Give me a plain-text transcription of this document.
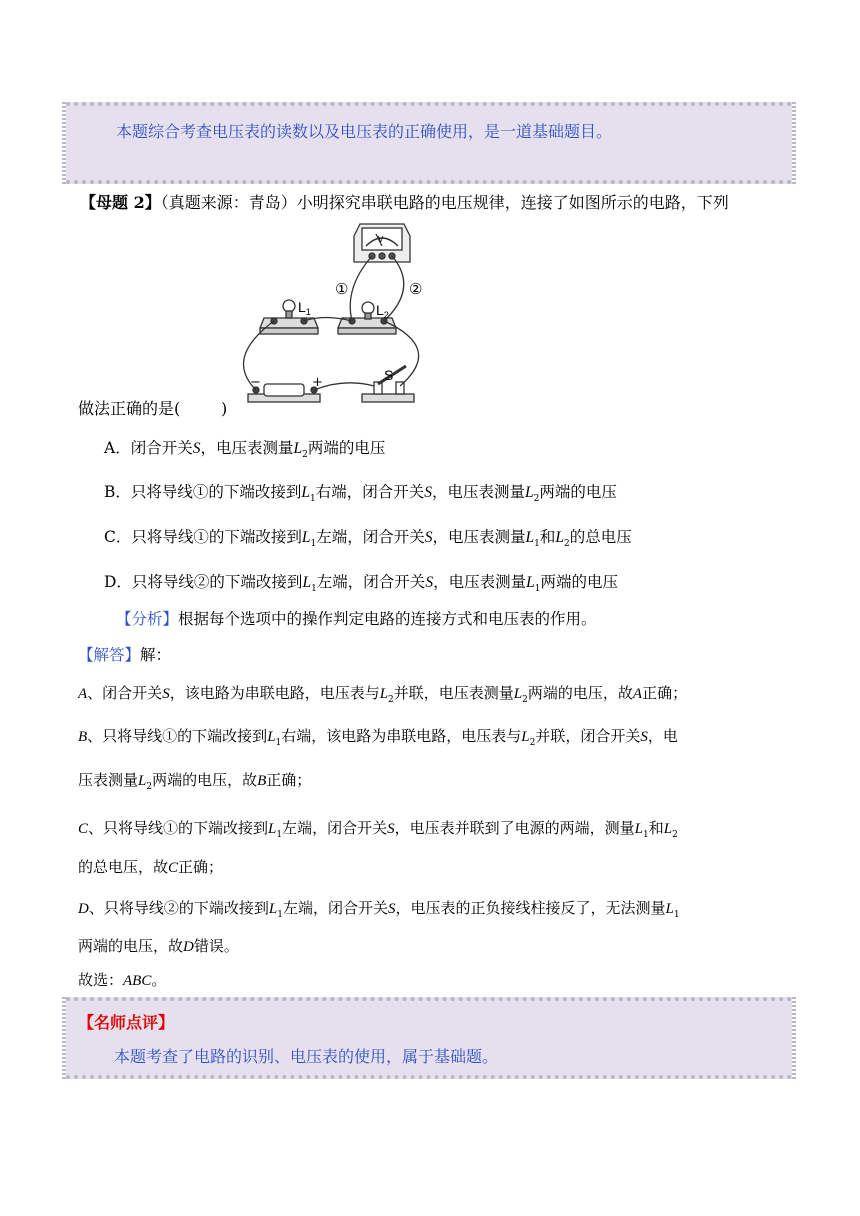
本题综合考查电压表的读数以及电压表的正确使用，是一道基础题目。
【母题 2】（真题来源：青岛）小明探究串联电路的电压规律，连接了如图所示的电路，下列
①	②
V
$L_1$	$L_2$
S
−	+
做法正确的是(        )
A．闭合开关S，电压表测量$L_2$两端的电压
B．只将导线①的下端改接到$L_1$右端，闭合开关S，电压表测量$L_2$两端的电压
C．只将导线①的下端改接到$L_1$左端，闭合开关S，电压表测量$L_1$和$L_2$的总电压
D．只将导线②的下端改接到$L_1$左端，闭合开关S，电压表测量$L_1$两端的电压
【分析】根据每个选项中的操作判定电路的连接方式和电压表的作用。
【解答】解：
A、闭合开关S，该电路为串联电路，电压表与$L_2$并联，电压表测量$L_2$两端的电压，故A正确；
B、只将导线①的下端改接到$L_1$右端，该电路为串联电路，电压表与$L_2$并联，闭合开关S，电
压表测量$L_2$两端的电压，故B正确；
C、只将导线①的下端改接到$L_1$左端，闭合开关S，电压表并联到了电源的两端，测量$L_1$和$L_2$
的总电压，故C正确；
D、只将导线②的下端改接到$L_1$左端，闭合开关S，电压表的正负接线柱接反了，无法测量$L_1$
两端的电压，故D错误。
故选：ABC。
【名师点评】
本题考查了电路的识别、电压表的使用，属于基础题。
